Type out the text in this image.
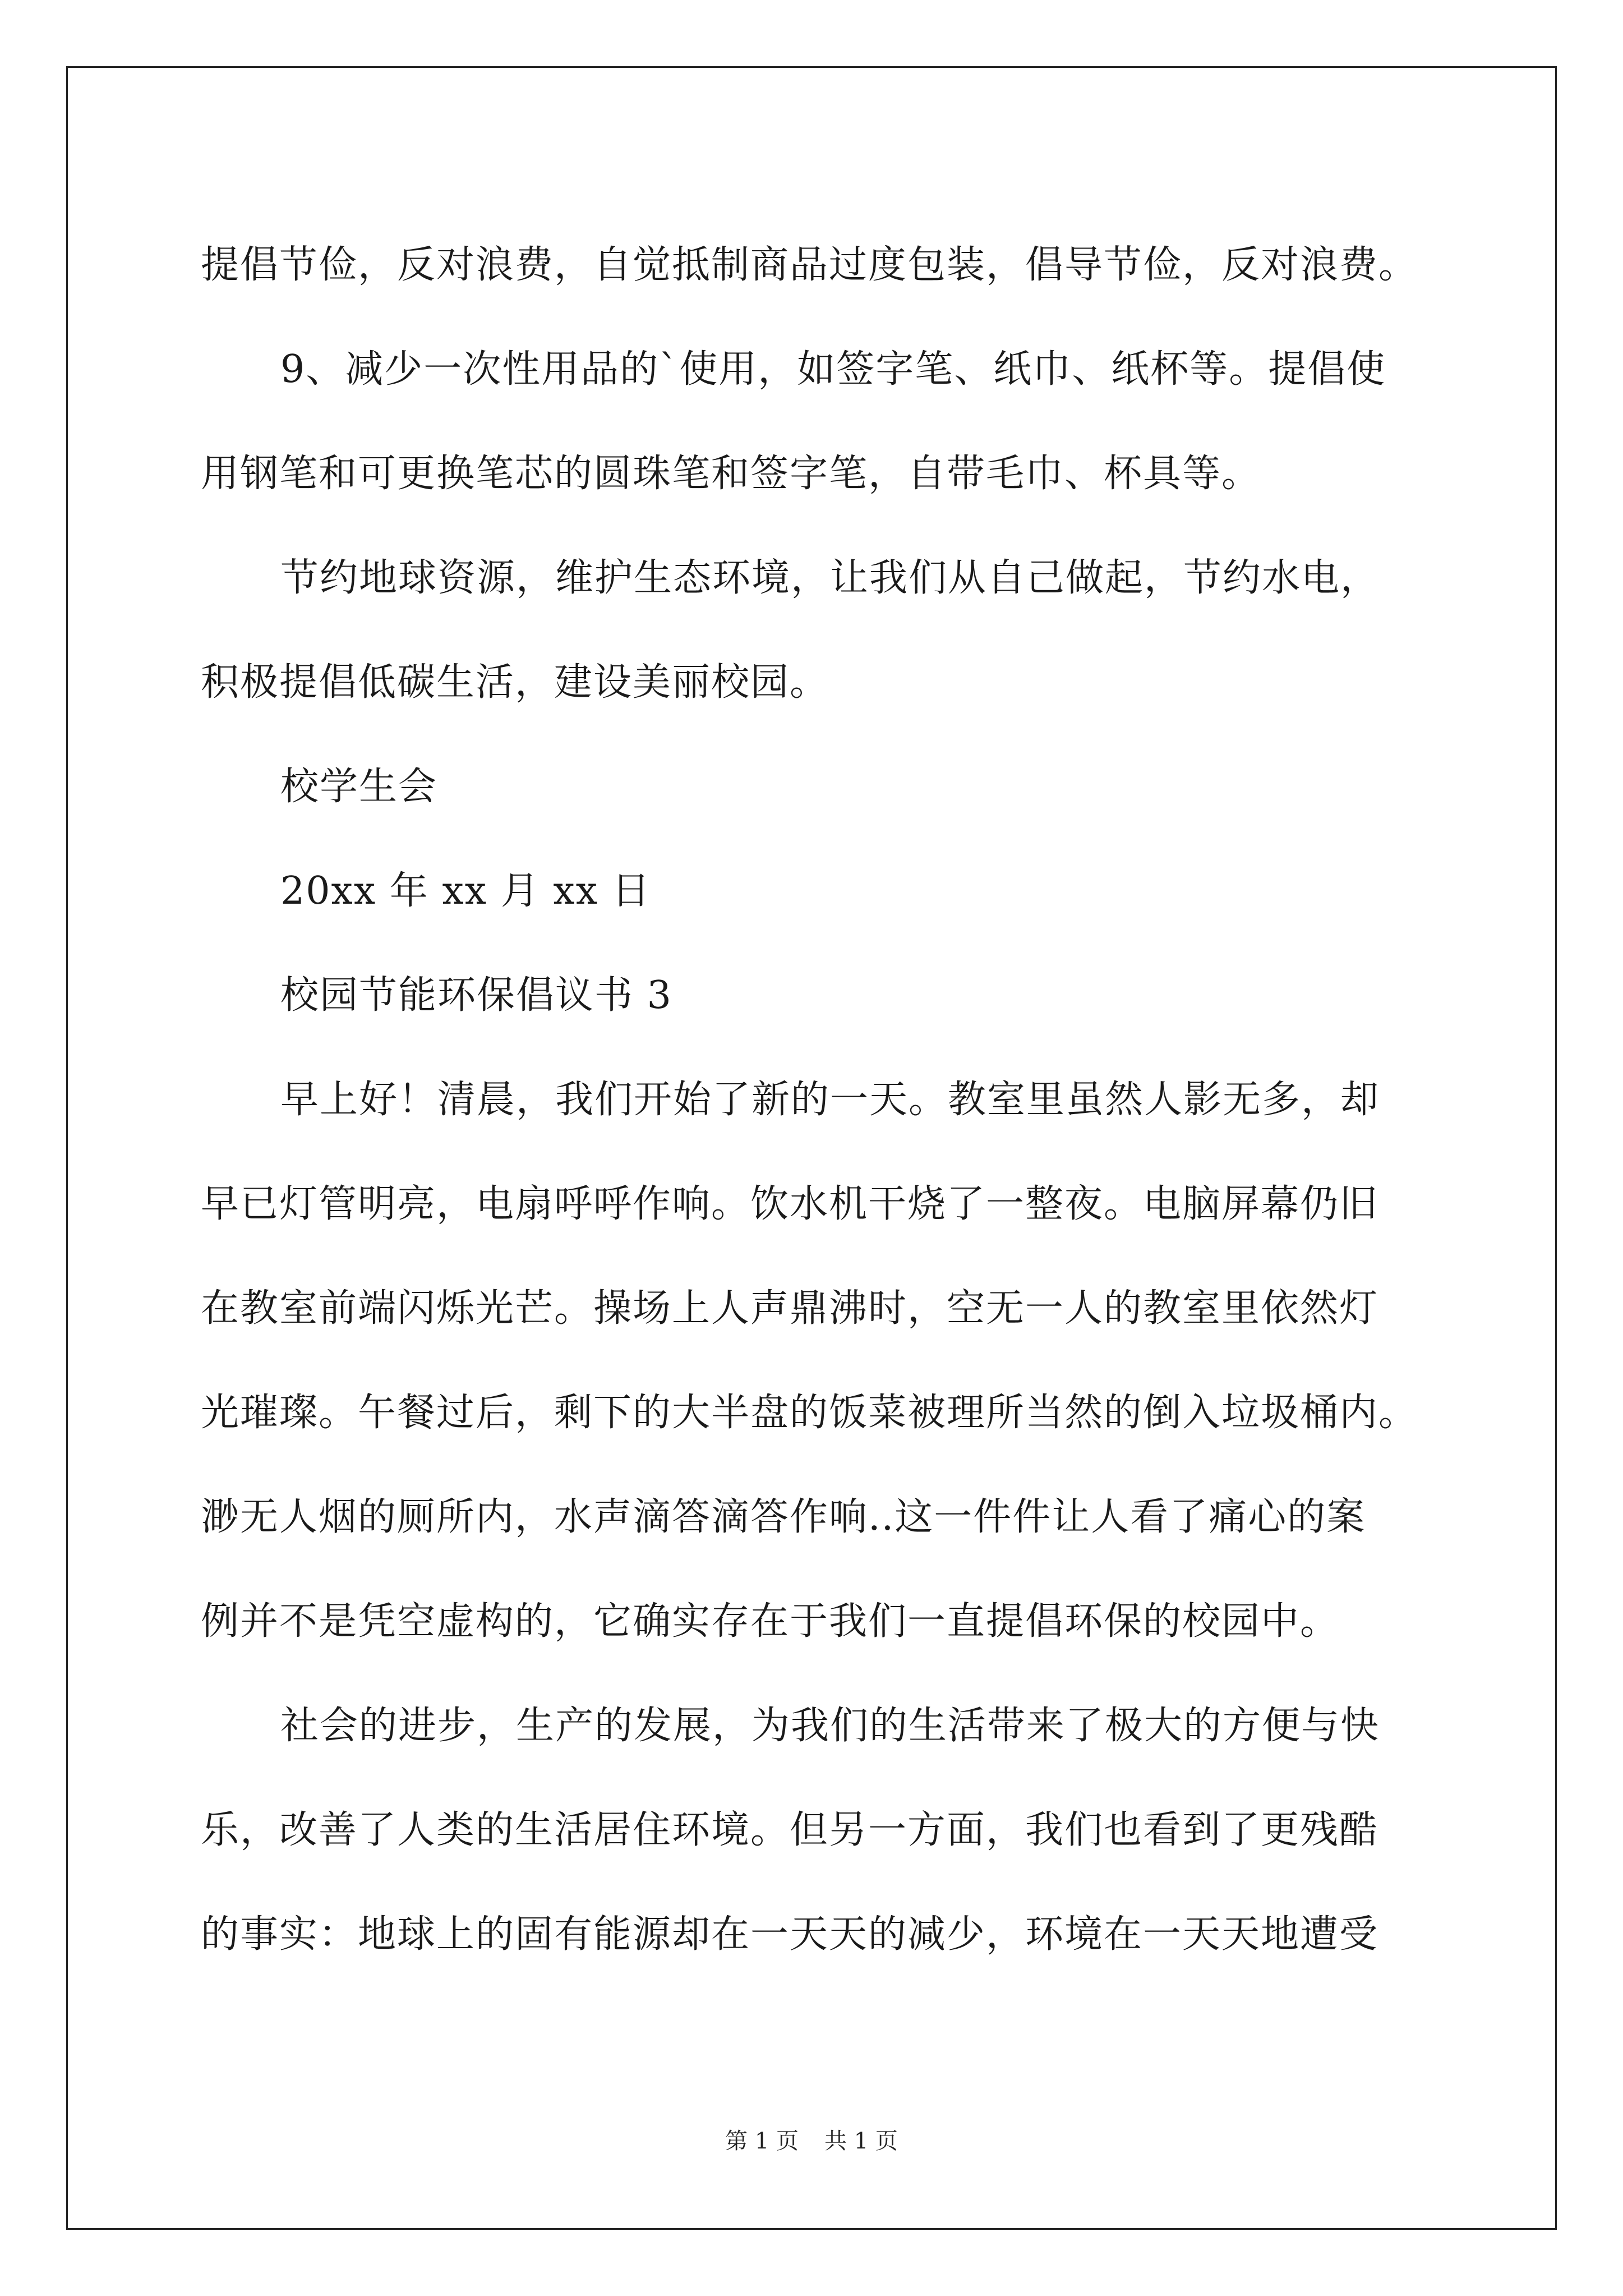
提倡节俭，反对浪费，自觉抵制商品过度包装，倡导节俭，反对浪费。
9、减少一次性用品的`使用，如签字笔、纸巾、纸杯等。提倡使
用钢笔和可更换笔芯的圆珠笔和签字笔，自带毛巾、杯具等。
节约地球资源，维护生态环境，让我们从自己做起，节约水电，
积极提倡低碳生活，建设美丽校园。
校学生会
20xx 年 xx 月 xx 日
校园节能环保倡议书 3
早上好！清晨，我们开始了新的一天。教室里虽然人影无多，却
早已灯管明亮，电扇呼呼作响。饮水机干烧了一整夜。电脑屏幕仍旧
在教室前端闪烁光芒。操场上人声鼎沸时，空无一人的教室里依然灯
光璀璨。午餐过后，剩下的大半盘的饭菜被理所当然的倒入垃圾桶内。
渺无人烟的厕所内，水声滴答滴答作响..这一件件让人看了痛心的案
例并不是凭空虚构的，它确实存在于我们一直提倡环保的校园中。
社会的进步，生产的发展，为我们的生活带来了极大的方便与快
乐，改善了人类的生活居住环境。但另一方面，我们也看到了更残酷
的事实：地球上的固有能源却在一天天的减少，环境在一天天地遭受
第 1 页 共 1 页
